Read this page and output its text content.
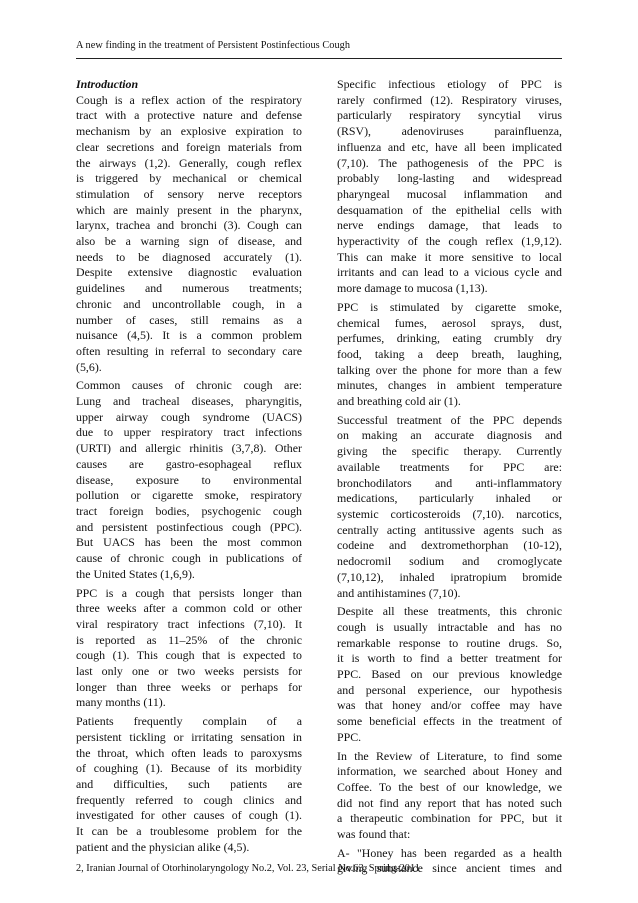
A new finding in the treatment of Persistent Postinfectious Cough
Introduction
Cough is a reflex action of the respiratory
tract with a protective nature and defense
mechanism by an explosive expiration to
clear secretions and foreign materials from
the airways (1,2). Generally, cough reflex
is triggered by mechanical or chemical
stimulation of sensory nerve receptors
which are mainly present in the pharynx,
larynx, trachea and bronchi (3). Cough can
also be a warning sign of disease, and
needs to be diagnosed accurately (1).
Despite extensive diagnostic evaluation
guidelines and numerous treatments;
chronic and uncontrollable cough, in a
number of cases, still remains as a
nuisance (4,5). It is a common problem
often resulting in referral to secondary care
(5,6).
Common causes of chronic cough are:
Lung and tracheal diseases, pharyngitis,
upper airway cough syndrome (UACS)
due to upper respiratory tract infections
(URTI) and allergic rhinitis (3,7,8). Other
causes are gastro-esophageal reflux
disease, exposure to environmental
pollution or cigarette smoke, respiratory
tract foreign bodies, psychogenic cough
and persistent postinfectious cough (PPC).
But UACS has been the most common
cause of chronic cough in publications of
the United States (1,6,9).
PPC is a cough that persists longer than
three weeks after a common cold or other
viral respiratory tract infections (7,10). It
is reported as 11–25% of the chronic
cough (1). This cough that is expected to
last only one or two weeks persists for
longer than three weeks or perhaps for
many months (11).
Patients frequently complain of a
persistent tickling or irritating sensation in
the throat, which often leads to paroxysms
of coughing (1). Because of its morbidity
and difficulties, such patients are
frequently referred to cough clinics and
investigated for other causes of cough (1).
It can be a troublesome problem for the
patient and the physician alike (4,5).
Specific infectious etiology of PPC is
rarely confirmed (12). Respiratory viruses,
particularly respiratory syncytial virus
(RSV), adenoviruses parainfluenza,
influenza and etc, have all been implicated
(7,10). The pathogenesis of the PPC is
probably long-lasting and widespread
pharyngeal mucosal inflammation and
desquamation of the epithelial cells with
nerve endings damage, that leads to
hyperactivity of the cough reflex (1,9,12).
This can make it more sensitive to local
irritants and can lead to a vicious cycle and
more damage to mucosa (1,13).
PPC is stimulated by cigarette smoke,
chemical fumes, aerosol sprays, dust,
perfumes, drinking, eating crumbly dry
food, taking a deep breath, laughing,
talking over the phone for more than a few
minutes, changes in ambient temperature
and breathing cold air (1).
Successful treatment of the PPC depends
on making an accurate diagnosis and
giving the specific therapy. Currently
available treatments for PPC are:
bronchodilators and anti-inflammatory
medications, particularly inhaled or
systemic corticosteroids (7,10). narcotics,
centrally acting antitussive agents such as
codeine and dextromethorphan (10-12),
nedocromil sodium and cromoglycate
(7,10,12), inhaled ipratropium bromide
and antihistamines (7,10).
Despite all these treatments, this chronic
cough is usually intractable and has no
remarkable response to routine drugs. So,
it is worth to find a better treatment for
PPC. Based on our previous knowledge
and personal experience, our hypothesis
was that honey and/or coffee may have
some beneficial effects in the treatment of
PPC.
In the Review of Literature, to find some
information, we searched about Honey and
Coffee. To the best of our knowledge, we
did not find any report that has noted such
a therapeutic combination for PPC, but it
was found that:
A- "Honey has been regarded as a health
giving substance since ancient times and
2, Iranian Journal of Otorhinolaryngology No.2, Vol. 23, Serial No.63, Spring-2011
